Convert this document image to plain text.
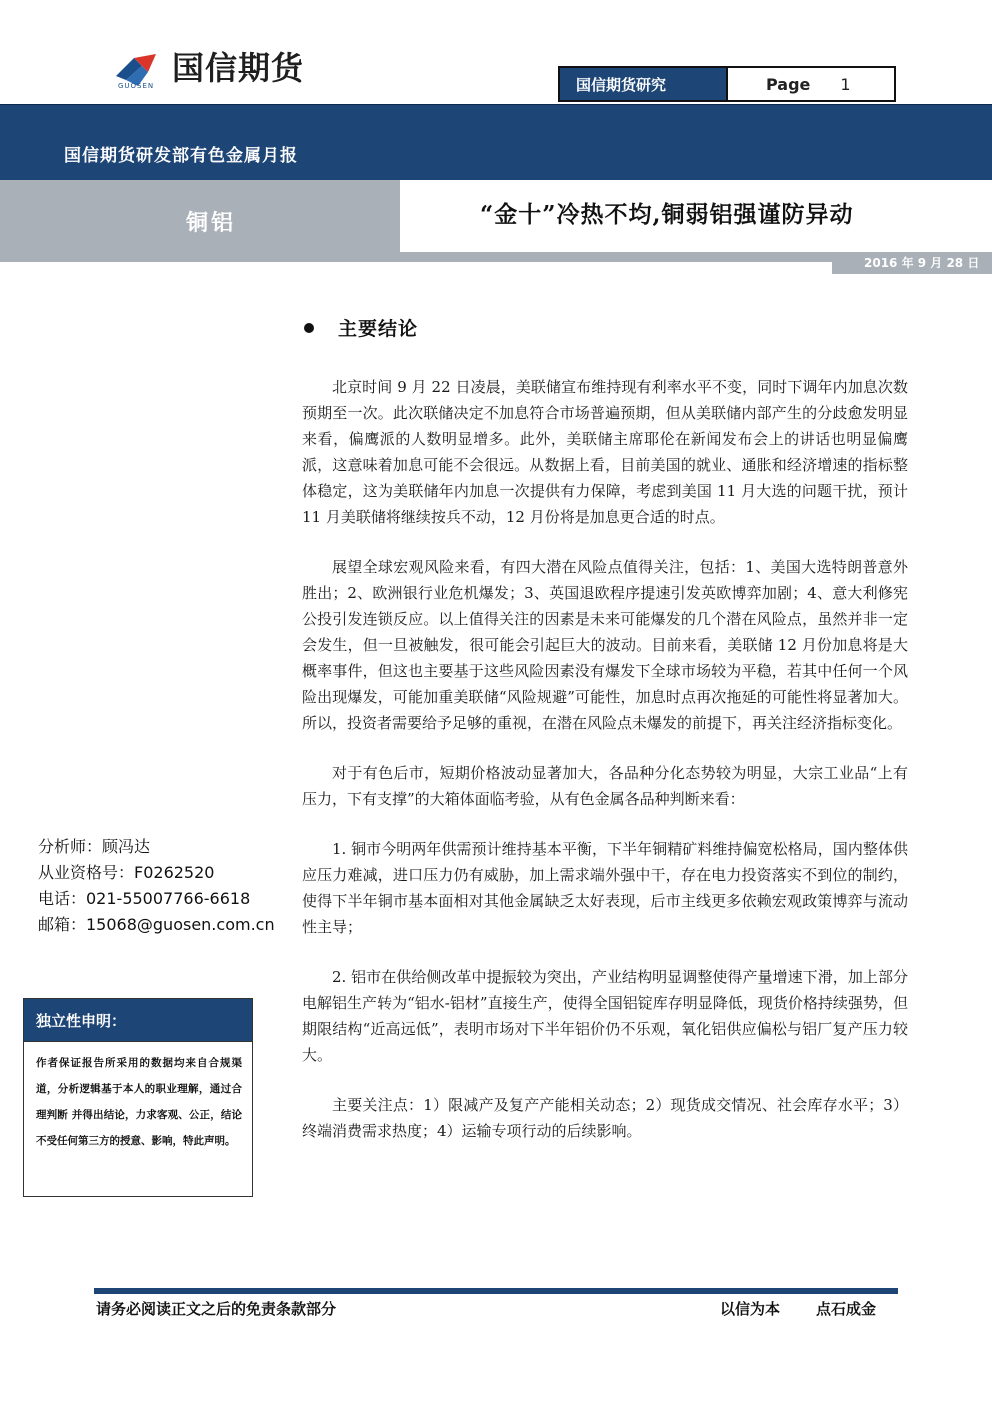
国信期货
GUOSEN	国信期货研究	Page 1
国信期货研发部有色金属月报
铜铝	“金十”冷热不均,铜弱铝强谨防异动
2016 年 9 月 28 日
主要结论

北京时间 9 月 22 日凌晨，美联储宣布维持现有利率水平不变，同时下调年内加息次数预期至一次。此次联储决定不加息符合市场普遍预期，但从美联储内部产生的分歧愈发明显来看，偏鹰派的人数明显增多。此外，美联储主席耶伦在新闻发布会上的讲话也明显偏鹰派，这意味着加息可能不会很远。从数据上看，目前美国的就业、通胀和经济增速的指标整体稳定，这为美联储年内加息一次提供有力保障，考虑到美国 11 月大选的问题干扰，预计 11 月美联储将继续按兵不动，12 月份将是加息更合适的时点。

展望全球宏观风险来看，有四大潜在风险点值得关注，包括：1、美国大选特朗普意外胜出；2、欧洲银行业危机爆发；3、英国退欧程序提速引发英欧博弈加剧；4、意大利修宪公投引发连锁反应。以上值得关注的因素是未来可能爆发的几个潜在风险点，虽然并非一定会发生，但一旦被触发，很可能会引起巨大的波动。目前来看，美联储 12 月份加息将是大概率事件，但这也主要基于这些风险因素没有爆发下全球市场较为平稳，若其中任何一个风险出现爆发，可能加重美联储“风险规避”可能性，加息时点再次拖延的可能性将显著加大。所以，投资者需要给予足够的重视，在潜在风险点未爆发的前提下，再关注经济指标变化。

对于有色后市，短期价格波动显著加大，各品种分化态势较为明显，大宗工业品“上有压力，下有支撑”的大箱体面临考验，从有色金属各品种判断来看：

1. 铜市今明两年供需预计维持基本平衡，下半年铜精矿料维持偏宽松格局，国内整体供应压力难减，进口压力仍有威胁，加上需求端外强中干，存在电力投资落实不到位的制约，使得下半年铜市基本面相对其他金属缺乏太好表现，后市主线更多依赖宏观政策博弈与流动性主导；

2. 铝市在供给侧改革中提振较为突出，产业结构明显调整使得产量增速下滑，加上部分电解铝生产转为“铝水-铝材”直接生产，使得全国铝锭库存明显降低，现货价格持续强势，但期限结构“近高远低”，表明市场对下半年铝价仍不乐观，氧化铝供应偏松与铝厂复产压力较大。

主要关注点：1）限减产及复产产能相关动态；2）现货成交情况、社会库存水平；3）终端消费需求热度；4）运输专项行动的后续影响。

分析师：顾冯达
从业资格号：F0262520
电话：021-55007766-6618
邮箱：15068@guosen.com.cn
独立性申明：
作者保证报告所采用的数据均来自合规渠道，分析逻辑基于本人的职业理解，通过合理判断 并得出结论，力求客观、公正，结论不受任何第三方的授意、影响，特此声明。
请务必阅读正文之后的免责条款部分	以信为本 点石成金
